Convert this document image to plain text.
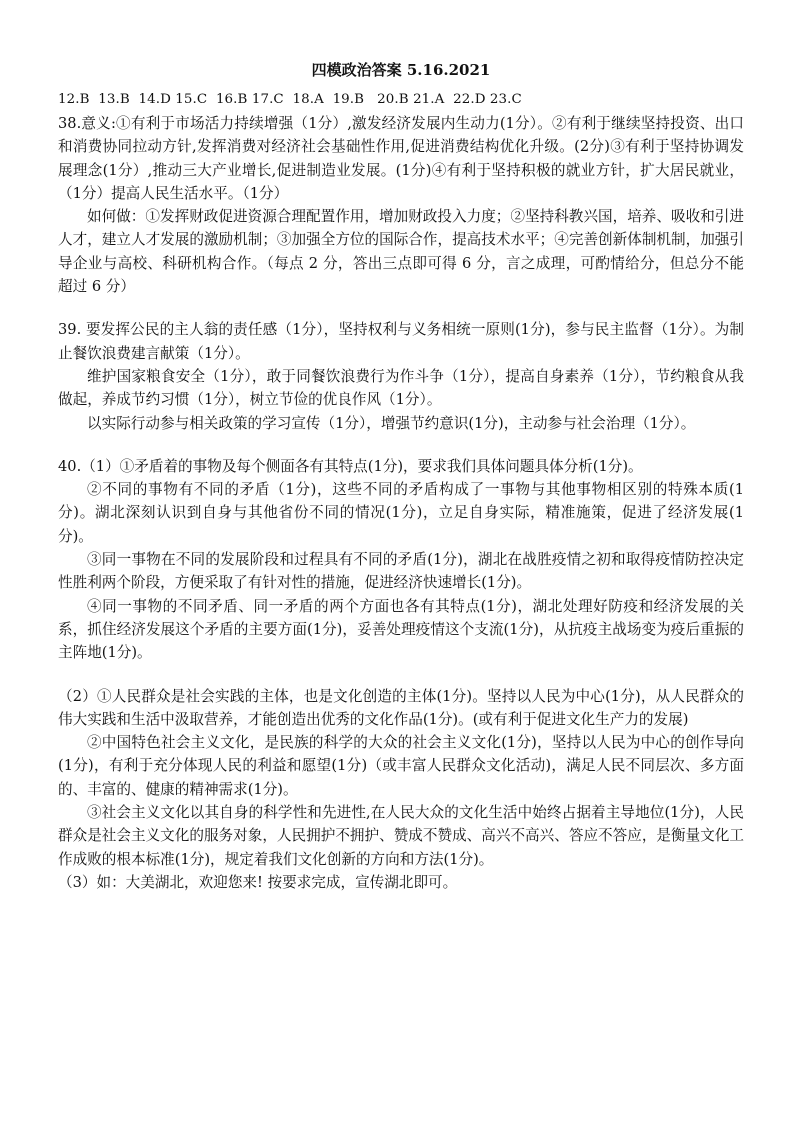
四模政治答案 5.16.2021
12.B  13.B  14.D 15.C  16.B 17.C  18.A  19.B   20.B 21.A  22.D 23.C

38.意义:①有利于市场活力持续增强（1分）,激发经济发展内生动力(1分）。②有利于继续坚持投资、出口和消费协同拉动方针,发挥消费对经济社会基础性作用,促进消费结构优化升级。(2分)③有利于坚持协调发展理念(1分）,推动三大产业增长,促进制造业发展。(1分)④有利于坚持积极的就业方针，扩大居民就业，（1分）提高人民生活水平。（1分）

如何做：①发挥财政促进资源合理配置作用，增加财政投入力度；②坚持科教兴国，培养、吸收和引进人才，建立人才发展的激励机制；③加强全方位的国际合作，提高技术水平；④完善创新体制机制，加强引导企业与高校、科研机构合作。（每点 2 分，答出三点即可得 6 分，言之成理，可酌情给分，但总分不能超过 6 分）

39. 要发挥公民的主人翁的责任感（1分），坚持权利与义务相统一原则(1分)，参与民主监督（1分）。为制止餐饮浪费建言献策（1分）。

维护国家粮食安全（1分），敢于同餐饮浪费行为作斗争（1分），提高自身素养（1分），节约粮食从我做起，养成节约习惯（1分），树立节俭的优良作风（1分）。

以实际行动参与相关政策的学习宣传（1分），增强节约意识(1分)，主动参与社会治理（1分）。

40.（1）①矛盾着的事物及每个侧面各有其特点(1分)，要求我们具体问题具体分析(1分)。

②不同的事物有不同的矛盾（1分)，这些不同的矛盾构成了一事物与其他事物相区别的特殊本质(1分)。湖北深刻认识到自身与其他省份不同的情况(1分)，立足自身实际，精准施策，促进了经济发展(1分)。

③同一事物在不同的发展阶段和过程具有不同的矛盾(1分)，湖北在战胜疫情之初和取得疫情防控决定性胜利两个阶段，方便采取了有针对性的措施，促进经济快速增长(1分)。

④同一事物的不同矛盾、同一矛盾的两个方面也各有其特点(1分)，湖北处理好防疫和经济发展的关系，抓住经济发展这个矛盾的主要方面(1分)，妥善处理疫情这个支流(1分)，从抗疫主战场变为疫后重振的主阵地(1分)。

（2）①人民群众是社会实践的主体，也是文化创造的主体(1分)。坚持以人民为中心(1分)，从人民群众的伟大实践和生活中汲取营养，才能创造出优秀的文化作品(1分)。(或有利于促进文化生产力的发展)

②中国特色社会主义文化，是民族的科学的大众的社会主义文化(1分)，坚持以人民为中心的创作导向(1分)，有利于充分体现人民的利益和愿望(1分)（或丰富人民群众文化活动)，满足人民不同层次、多方面的、丰富的、健康的精神需求(1分)。

③社会主义文化以其自身的科学性和先进性,在人民大众的文化生活中始终占据着主导地位(1分)，人民群众是社会主义文化的服务对象，人民拥护不拥护、赞成不赞成、高兴不高兴、答应不答应，是衡量文化工作成败的根本标准(1分)，规定着我们文化创新的方向和方法(1分)。

（3）如：大美湖北，欢迎您来! 按要求完成，宣传湖北即可。
